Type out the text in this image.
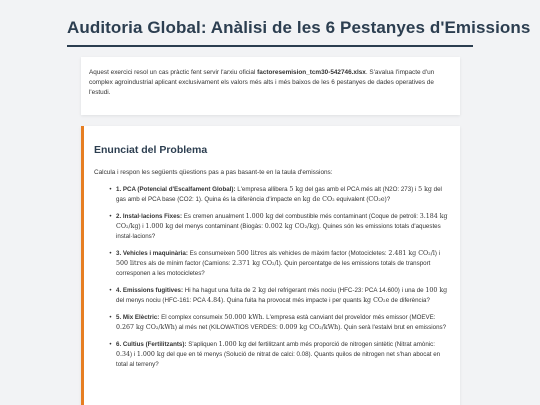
Auditoria Global: Anàlisi de les 6 Pestanyes d'Emissions

Aquest exercici resol un cas pràctic fent servir l'arxiu oficial factoresemision_tcm30-542746.xlsx. S'avalua l'impacte d'un complex agroindustrial aplicant exclusivament els valors més alts i més baixos de les 6 pestanyes de dades operatives de l'estudi.

Enunciat del Problema

Calcula i respon les següents qüestions pas a pas basant-te en la taula d'emissions:

• 1. PCA (Potencial d'Escalfament Global): L'empresa allibera 5 kg del gas amb el PCA més alt (N2O: 273) i 5 kg del gas amb el PCA base (CO2: 1). Quina és la diferència d'impacte en kg de CO₂ equivalent (CO₂e)?
• 2. Instal·lacions Fixes: Es cremen anualment 1.000 kg del combustible més contaminant (Coque de petroli: 3.184 kg CO₂/kg) i 1.000 kg del menys contaminant (Biogàs: 0.002 kg CO₂/kg). Quines són les emissions totals d'aquestes instal·lacions?
• 3. Vehicles i maquinària: Es consumeixen 500 litres als vehicles de màxim factor (Motocicletes: 2.481 kg CO₂/l) i 500 litres als de mínim factor (Camions: 2.371 kg CO₂/l). Quin percentatge de les emissions totals de transport corresponen a les motocicletes?
• 4. Emissions fugitives: Hi ha hagut una fuita de 2 kg del refrigerant més nociu (HFC-23: PCA 14.600) i una de 100 kg del menys nociu (HFC-161: PCA 4.84). Quina fuita ha provocat més impacte i per quants kg CO₂e de diferència?
• 5. Mix Elèctric: El complex consumeix 50.000 kWh. L'empresa està canviant del proveïdor més emissor (MOEVE: 0.267 kg CO₂/kWh) al més net (KILOWATIOS VERDES: 0.009 kg CO₂/kWh). Quin serà l'estalvi brut en emissions?
• 6. Cultius (Fertilitzants): S'apliquen 1.000 kg del fertilitzant amb més proporció de nitrogen sintètic (Nitrat amònic: 0.34) i 1.000 kg del que en té menys (Solució de nitrat de calci: 0.08). Quants quilos de nitrogen net s'han abocat en total al terreny?
